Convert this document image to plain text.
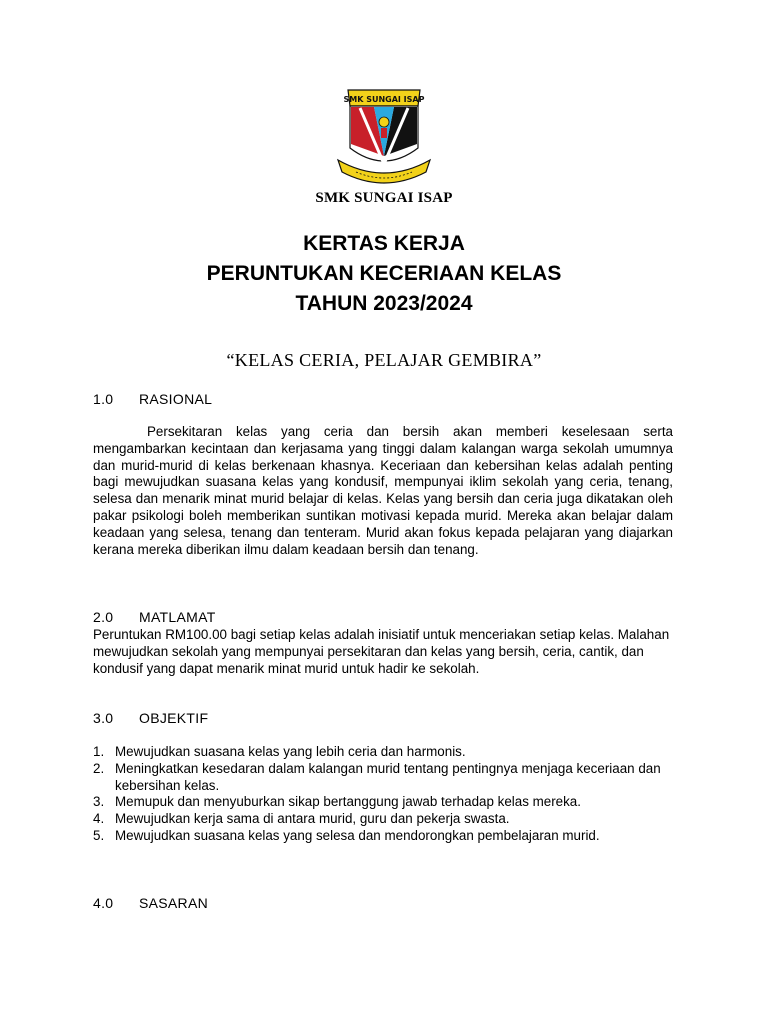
SMK SUNGAI ISAP
SMK SUNGAI ISAP
KERTAS KERJA
PERUNTUKAN KECERIAAN KELAS
TAHUN 2023/2024
“KELAS CERIA, PELAJAR GEMBIRA”
1.0 RASIONAL
Persekitaran kelas yang ceria dan bersih akan memberi keselesaan serta mengambarkan kecintaan dan kerjasama yang tinggi dalam kalangan warga sekolah umumnya dan murid-murid di kelas berkenaan khasnya. Keceriaan dan kebersihan kelas adalah penting bagi mewujudkan suasana kelas yang kondusif, mempunyai iklim sekolah yang ceria, tenang, selesa dan menarik minat murid belajar di kelas. Kelas yang bersih dan ceria juga dikatakan oleh pakar psikologi boleh memberikan suntikan motivasi kepada murid. Mereka akan belajar dalam keadaan yang selesa, tenang dan tenteram. Murid akan fokus kepada pelajaran yang diajarkan kerana mereka diberikan ilmu dalam keadaan bersih dan tenang.
2.0 MATLAMAT
Peruntukan RM100.00 bagi setiap kelas adalah inisiatif untuk menceriakan setiap kelas. Malahan mewujudkan sekolah yang mempunyai persekitaran dan kelas yang bersih, ceria, cantik, dan kondusif yang dapat menarik minat murid untuk hadir ke sekolah.
3.0 OBJEKTIF
1. Mewujudkan suasana kelas yang lebih ceria dan harmonis.
2. Meningkatkan kesedaran dalam kalangan murid tentang pentingnya menjaga keceriaan dan kebersihan kelas.
3. Memupuk dan menyuburkan sikap bertanggung jawab terhadap kelas mereka.
4. Mewujudkan kerja sama di antara murid, guru dan pekerja swasta.
5. Mewujudkan suasana kelas yang selesa dan mendorongkan pembelajaran murid.
4.0 SASARAN
